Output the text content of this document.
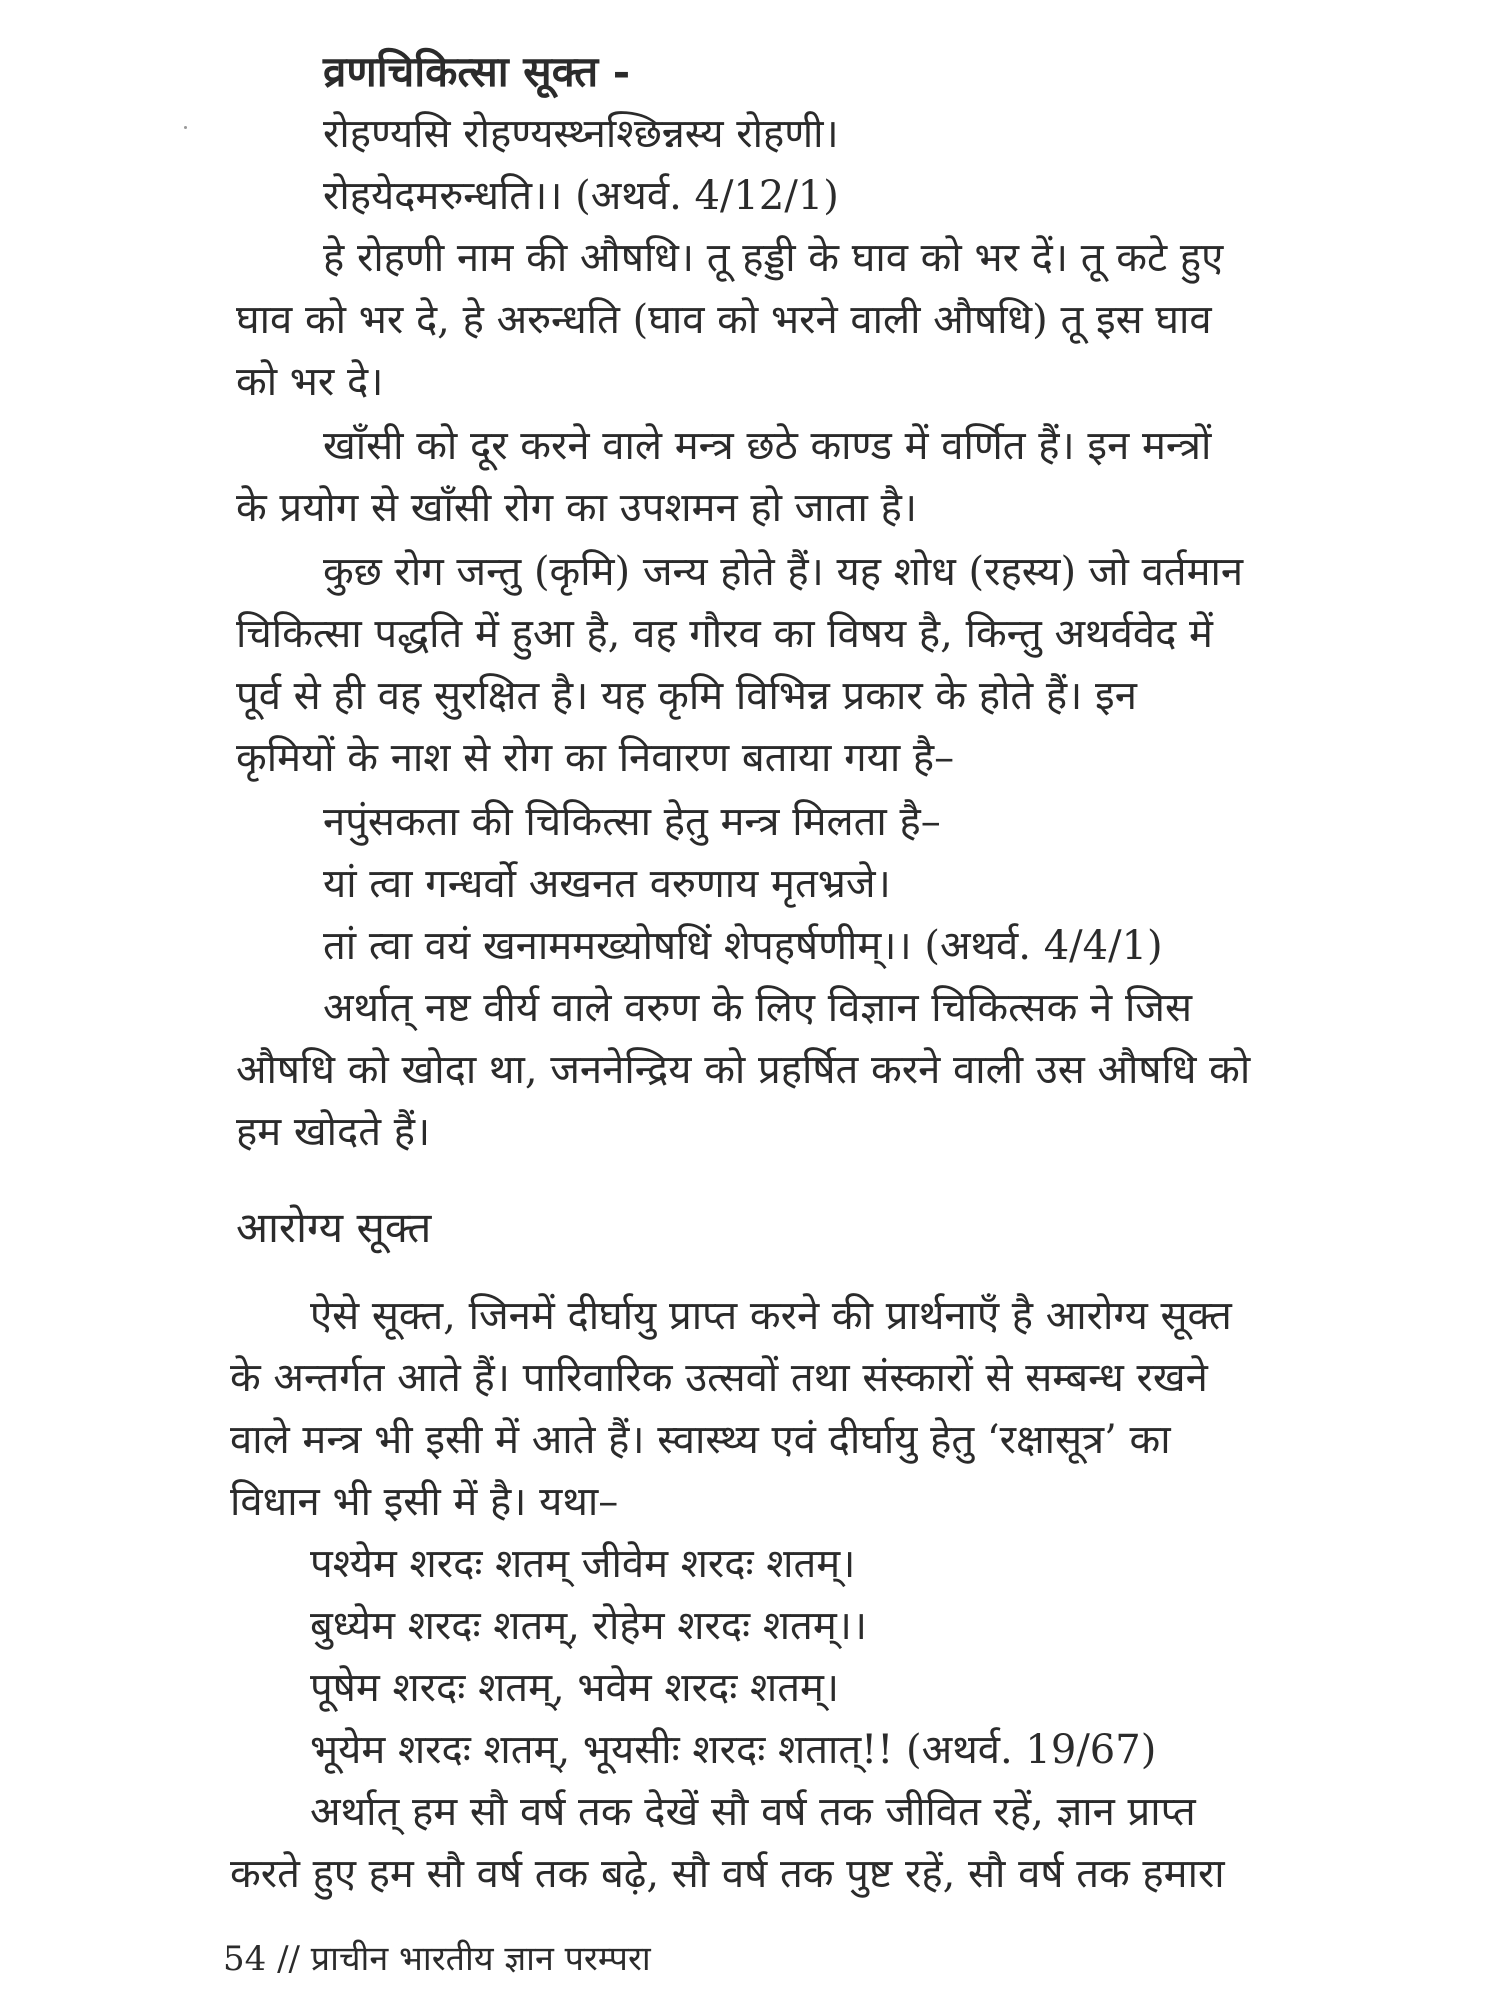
व्रणचिकित्सा सूक्त -
रोहण्यसि रोहण्यस्थ्नश्छिन्नस्य रोहणी।
रोहयेदमरुन्धति।। (अथर्व. 4/12/1)
हे रोहणी नाम की औषधि। तू हड्डी के घाव को भर दें। तू कटे हुए
घाव को भर दे, हे अरुन्धति (घाव को भरने वाली औषधि) तू इस घाव
को भर दे।
खाँसी को दूर करने वाले मन्त्र छठे काण्ड में वर्णित हैं। इन मन्त्रों
के प्रयोग से खाँसी रोग का उपशमन हो जाता है।
कुछ रोग जन्तु (कृमि) जन्य होते हैं। यह शोध (रहस्य) जो वर्तमान
चिकित्सा पद्धति में हुआ है, वह गौरव का विषय है, किन्तु अथर्ववेद में
पूर्व से ही वह सुरक्षित है। यह कृमि विभिन्न प्रकार के होते हैं। इन
कृमियों के नाश से रोग का निवारण बताया गया है–
नपुंसकता की चिकित्सा हेतु मन्त्र मिलता है–
यां त्वा गन्धर्वो अखनत वरुणाय मृतभ्रजे।
तां त्वा वयं खनाममख्योषधिं शेपहर्षणीम्।। (अथर्व. 4/4/1)
अर्थात् नष्ट वीर्य वाले वरुण के लिए विज्ञान चिकित्सक ने जिस
औषधि को खोदा था, जननेन्द्रिय को प्रहर्षित करने वाली उस औषधि को
हम खोदते हैं।
आरोग्य सूक्त
ऐसे सूक्त, जिनमें दीर्घायु प्राप्त करने की प्रार्थनाएँ है आरोग्य सूक्त
के अन्तर्गत आते हैं। पारिवारिक उत्सवों तथा संस्कारों से सम्बन्ध रखने
वाले मन्त्र भी इसी में आते हैं। स्वास्थ्य एवं दीर्घायु हेतु ‘रक्षासूत्र’ का
विधान भी इसी में है। यथा–
पश्येम शरदः शतम् जीवेम शरदः शतम्।
बुध्येम शरदः शतम्, रोहेम शरदः शतम्।।
पूषेम शरदः शतम्, भवेम शरदः शतम्।
भूयेम शरदः शतम्, भूयसीः शरदः शतात्!! (अथर्व. 19/67)
अर्थात् हम सौ वर्ष तक देखें सौ वर्ष तक जीवित रहें, ज्ञान प्राप्त
करते हुए हम सौ वर्ष तक बढ़े, सौ वर्ष तक पुष्ट रहें, सौ वर्ष तक हमारा
54 // प्राचीन भारतीय ज्ञान परम्परा
